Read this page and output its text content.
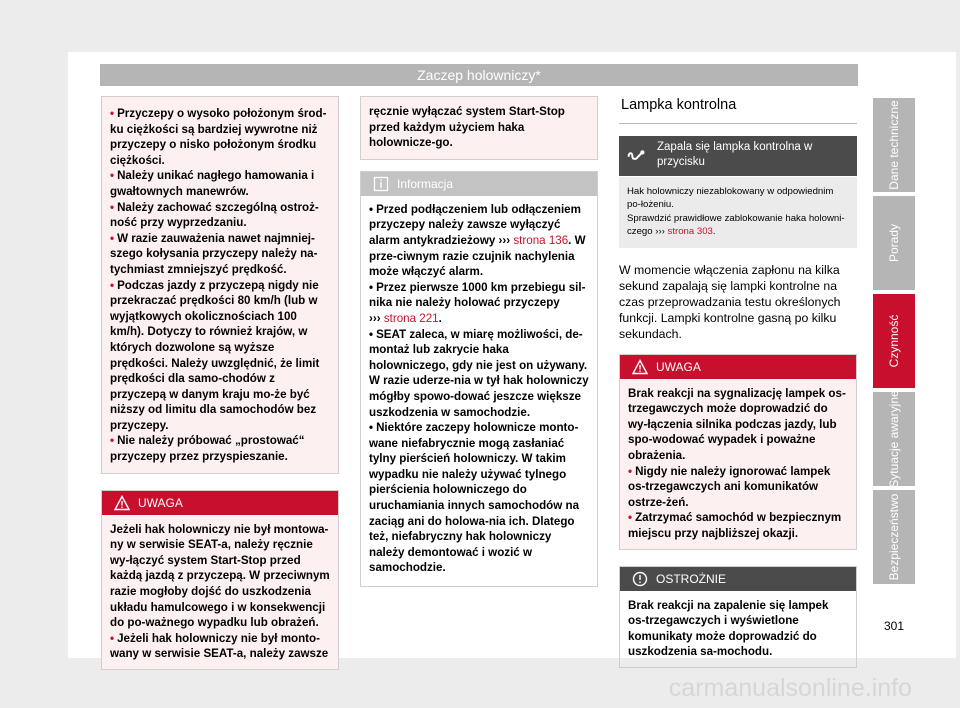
Zaczep holowniczy*

• Przyczepy o wysoko położonym środ-ku ciężkości są bardziej wywrotne niż przyczepy o nisko położonym środku ciężkości.

• Należy unikać nagłego hamowania i gwałtownych manewrów.

• Należy zachować szczególną ostroż-ność przy wyprzedzaniu.

• W razie zauważenia nawet najmniej-szego kołysania przyczepy należy na-tychmiast zmniejszyć prędkość.

• Podczas jazdy z przyczepą nigdy nie przekraczać prędkości 80 km/h (lub w wyjątkowych okolicznościach 100 km/h). Dotyczy to również krajów, w których dozwolone są wyższe prędkości. Należy uwzględnić, że limit prędkości dla samo-chodów z przyczepą w danym kraju mo-że być niższy od limitu dla samochodów bez przyczepy.

• Nie należy próbować „prostować“ przyczepy przez przyspieszanie.

UWAGA

Jeżeli hak holowniczy nie był montowa-ny w serwisie SEAT-a, należy ręcznie wy-łączyć system Start-Stop przed każdą jazdą z przyczepą. W przeciwnym razie mogłoby dojść do uszkodzenia układu hamulcowego i w konsekwencji do po-ważnego wypadku lub obrażeń.

• Jeżeli hak holowniczy nie był monto-wany w serwisie SEAT-a, należy zawsze

ręcznie wyłączać system Start-Stop przed każdym użyciem haka holownicze-go.

Informacja

• Przed podłączeniem lub odłączeniem przyczepy należy zawsze wyłączyć alarm antykradzieżowy ››› strona 136. W prze-ciwnym razie czujnik nachylenia może włączyć alarm.

• Przez pierwsze 1000 km przebiegu sil-nika nie należy holować przyczepy
››› strona 221.

• SEAT zaleca, w miarę możliwości, de-montaż lub zakrycie haka holowniczego, gdy nie jest on używany. W razie uderze-nia w tył hak holowniczy mógłby spowo-dować jeszcze większe uszkodzenia w samochodzie.

• Niektóre zaczepy holownicze monto-wane niefabrycznie mogą zasłaniać tylny pierścień holowniczy. W takim wypadku nie należy używać tylnego pierścienia holowniczego do uruchamiania innych samochodów na zaciąg ani do holowa-nia ich. Dlatego też, niefabryczny hak holowniczy należy demontować i wozić w samochodzie.

Lampka kontrolna
Zapala się lampka kontrolna w przycisku

Hak holowniczy niezablokowany w odpowiednim po-łożeniu.

Sprawdzić prawidłowe zablokowanie haka holowni-czego ››› strona 303.

W momencie włączenia zapłonu na kilka sekund zapalają się lampki kontrolne na czas przeprowadzania testu określonych funkcji. Lampki kontrolne gasną po kilku sekundach.

UWAGA

Brak reakcji na sygnalizację lampek os-trzegawczych może doprowadzić do wy-łączenia silnika podczas jazdy, lub spo-wodować wypadek i poważne obrażenia.

• Nigdy nie należy ignorować lampek os-trzegawczych ani komunikatów ostrze-żeń.

• Zatrzymać samochód w bezpiecznym miejscu przy najbliższej okazji.

OSTROŻNIE

Brak reakcji na zapalenie się lampek os-trzegawczych i wyświetlone komunikaty może doprowadzić do uszkodzenia sa-mochodu.

Dane techniczne
Porady
Czynność
Sytuacje awaryjne
Bezpieczeństwo
301
carmanualsonline.info
